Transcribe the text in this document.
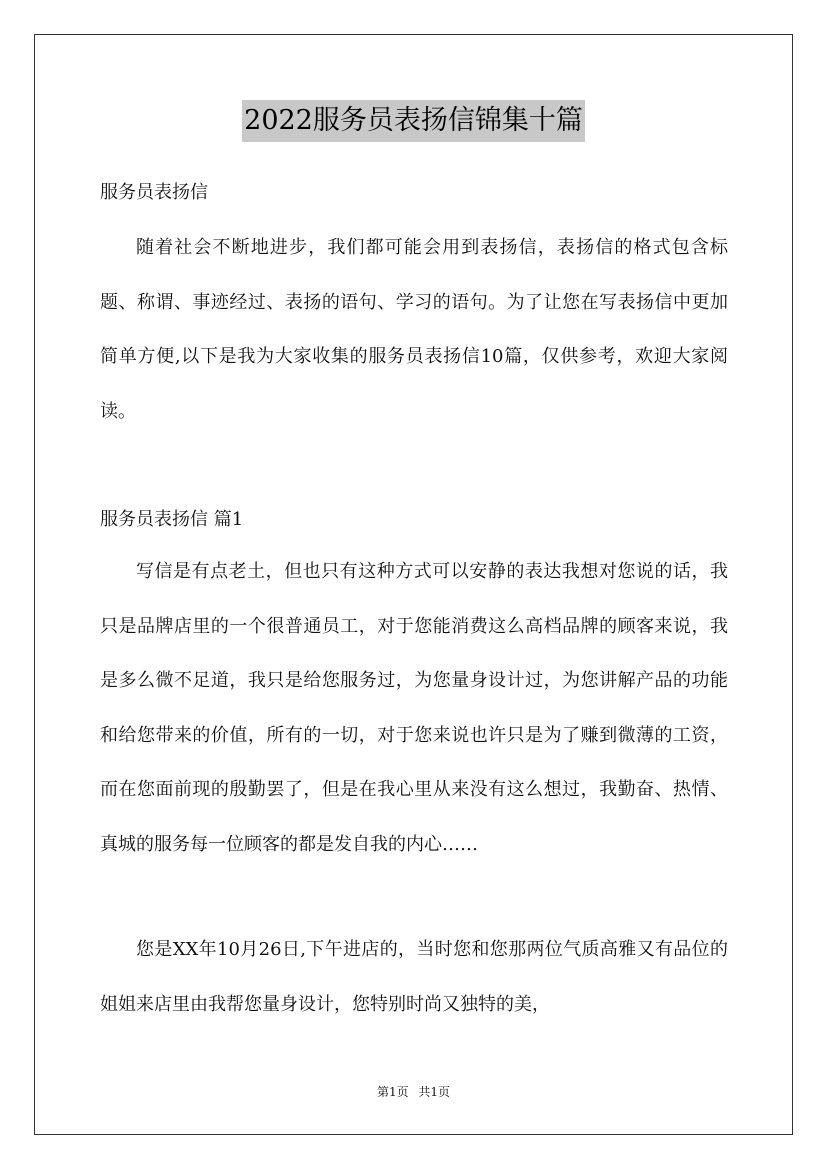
2022服务员表扬信锦集十篇
服务员表扬信

随着社会不断地进步，我们都可能会用到表扬信，表扬信的格式包含标题、称谓、事迹经过、表扬的语句、学习的语句。为了让您在写表扬信中更加简单方便,以下是我为大家收集的服务员表扬信10篇，仅供参考，欢迎大家阅读。

服务员表扬信 篇1

写信是有点老土，但也只有这种方式可以安静的表达我想对您说的话，我只是品牌店里的一个很普通员工，对于您能消费这么高档品牌的顾客来说，我是多么微不足道，我只是给您服务过，为您量身设计过，为您讲解产品的功能和给您带来的价值，所有的一切，对于您来说也许只是为了赚到微薄的工资，而在您面前现的殷勤罢了，但是在我心里从来没有这么想过，我勤奋、热情、真城的服务每一位顾客的都是发自我的内心……

您是XX年10月26日,下午进店的，当时您和您那两位气质高雅又有品位的姐姐来店里由我帮您量身设计，您特别时尚又独特的美，

第1页 共1页
